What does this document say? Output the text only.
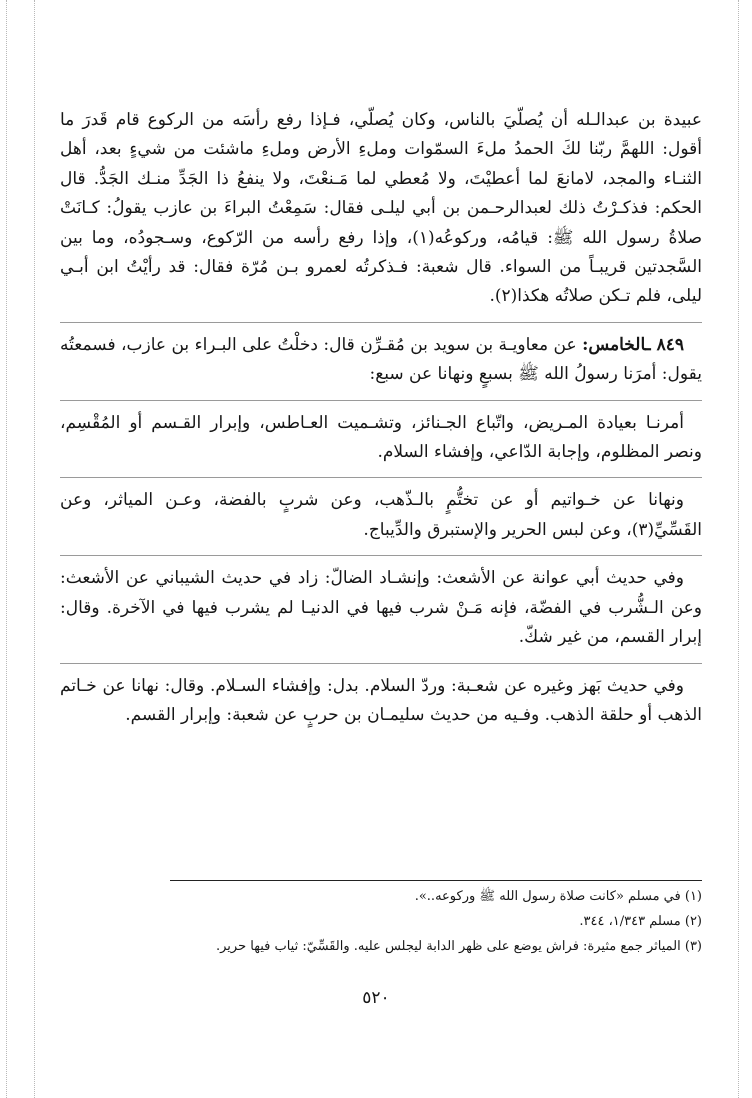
عبيدة بن عبدالـله أن يُصلّيَ بالناس، وكان يُصلّي، فـإذا رفع رأسَه من الركوع قام قَدرَ ما أقول: اللهمَّ ربّنا لكَ الحمدُ ملءَ السمّوات وملءِ الأرض وملءِ ماشئت من شيءٍ بعد، أهل الثنـاء والمجد، لامانعَ لما أعطيْتَ، ولا مُعطي لما مَـنعْتَ، ولا ينفعُ ذا الجَدِّ منـك الجَدُّ. قال الحكم: فذكـرْتُ ذلك لعبدالرحـمن بن أبي ليلـى فقال: سَمِعْتُ البراءَ بن عازب يقولُ: كـانَتْ صلاةُ رسول الله ﷺ: قيامُه، وركوعُه(١)، وإذا رفع رأسه من الرّكوع، وسـجودُه، وما بين السَّجدتين قريبـاً من السواء. قال شعبة: فـذكرتُه لعمرو بـن مُرّة فقال: قد رأيْتُ ابن أبـي ليلى، فلم تـكن صلاتُه هكذا(٢).

٨٤٩ ـالخامس: عن معاويـة بن سويد بن مُقـرِّن قال: دخلْتُ على البـراء بن عازب، فسمعتُه يقول: أمرَنا رسولُ الله ﷺ بسبعٍ ونهانا عن سبع:

أمرنـا بعيادة المـريض، واتّباع الجـنائز، وتشـميت العـاطس، وإبرار القـسم أو المُقْسِم، ونصر المظلوم، وإجابة الدّاعي، وإفشاء السلام.

ونهانا عن خـواتيم أو عن تختُّمٍ بالـذّهب، وعن شربٍ بالفضة، وعـن المياثر، وعن القَسِّيِّ(٣)، وعن لبس الحرير والإستبرق والدِّيباج.

وفي حديث أبي عوانة عن الأشعث: وإنشـاد الضالّ: زاد في حديث الشيباني عن الأشعث: وعن الـشُّرب في الفضّة، فإنه مَـنْ شرب فيها في الدنيـا لم يشرب فيها في الآخرة. وقال: إبرار القسم، من غير شكّ.

وفي حديث بَهز وغيره عن شعـبة: وردّ السلام. بدل: وإفشاء السـلام. وقال: نهانا عن خـاتم الذهب أو حلقة الذهب. وفـيه من حديث سليمـان بن حربٍ عن شعبة: وإبرار القسم.

(١) في مسلم «كانت صلاة رسول الله ﷺ وركوعه..».
(٢) مسلم ١/٣٤٣، ٣٤٤.
(٣) المياثر جمع مثيرة: فراش يوضع على ظهر الدابة ليجلس عليه. والقَسِّيّ: ثياب فيها حرير.
٥٢٠
